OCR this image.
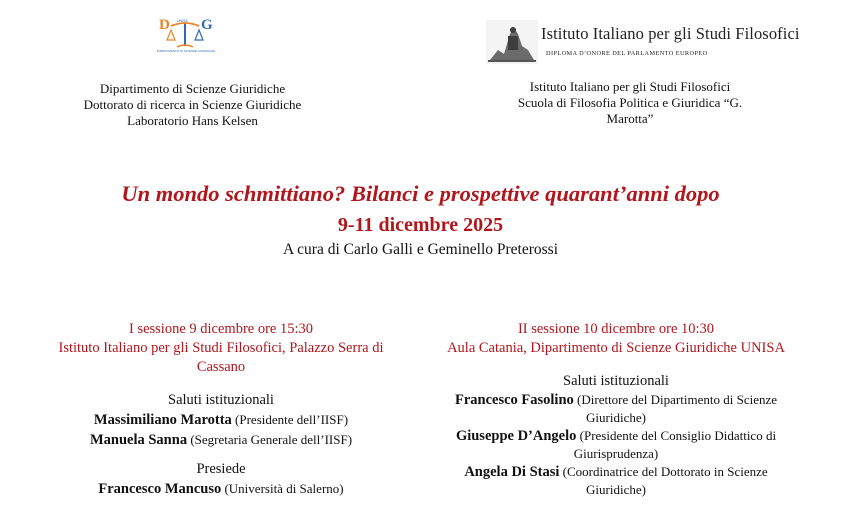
D G
UNISA
DIPARTIMENTO DI SCIENZE GIURIDICHE
Istituto Italiano per gli Studi Filosofici
DIPLOMA D’ONORE DEL PARLAMENTO EUROPEO
Dipartimento di Scienze Giuridiche
Dottorato di ricerca in Scienze Giuridiche
Laboratorio Hans Kelsen
Istituto Italiano per gli Studi Filosofici
Scuola di Filosofia Politica e Giuridica “G.
Marotta”
Un mondo schmittiano? Bilanci e prospettive quarant’anni dopo
9-11 dicembre 2025
A cura di Carlo Galli e Geminello Preterossi
I sessione 9 dicembre ore 15:30
Istituto Italiano per gli Studi Filosofici, Palazzo Serra di
Cassano
Saluti istituzionali
Massimiliano Marotta (Presidente dell’IISF)
Manuela Sanna (Segretaria Generale dell’IISF)
Presiede
Francesco Mancuso (Università di Salerno)
II sessione 10 dicembre ore 10:30
Aula Catania, Dipartimento di Scienze Giuridiche UNISA
Saluti istituzionali
Francesco Fasolino (Direttore del Dipartimento di Scienze
Giuridiche)
Giuseppe D’Angelo (Presidente del Consiglio Didattico di
Giurisprudenza)
Angela Di Stasi (Coordinatrice del Dottorato in Scienze
Giuridiche)
